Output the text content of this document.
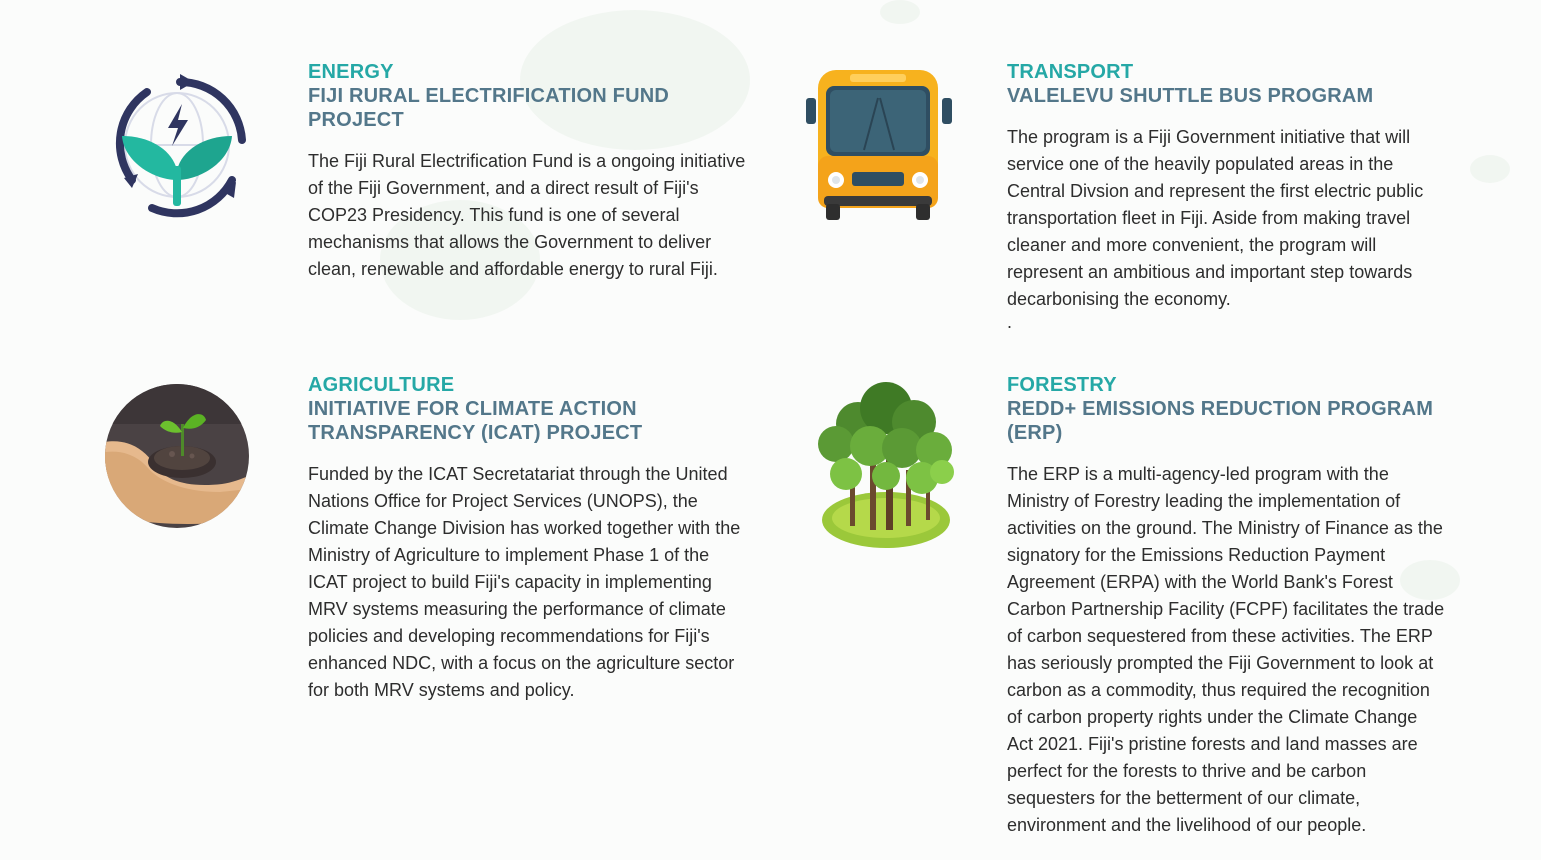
ENERGY
FIJI RURAL ELECTRIFICATION FUND PROJECT
The Fiji Rural Electrification Fund is a ongoing initiative of the Fiji Government, and a direct result of Fiji's COP23 Presidency. This fund is one of several mechanisms that allows the Government to deliver clean, renewable and affordable energy to rural Fiji.
TRANSPORT
VALELEVU SHUTTLE BUS PROGRAM
The program is a Fiji Government initiative that will service one of the heavily populated areas in the Central Divsion and represent the first electric public transportation fleet in Fiji. Aside from making travel cleaner and more convenient, the program will represent an ambitious and important step towards decarbonising the economy.
.
AGRICULTURE
INITIATIVE FOR CLIMATE ACTION TRANSPARENCY (ICAT) PROJECT
Funded by the ICAT Secretatariat through the United Nations Office for Project Services (UNOPS), the Climate Change Division has worked together with the Ministry of Agriculture to implement Phase 1 of the ICAT project to build Fiji's capacity in implementing MRV systems measuring the performance of climate policies and developing recommendations for Fiji's enhanced NDC, with a focus on the agriculture sector for both MRV systems and policy.
FORESTRY
REDD+ EMISSIONS REDUCTION PROGRAM (ERP)
The ERP is a multi-agency-led program with the Ministry of Forestry leading the implementation of activities on the ground. The Ministry of Finance as the signatory for the Emissions Reduction Payment Agreement (ERPA) with the World Bank's Forest Carbon Partnership Facility (FCPF) facilitates the trade of carbon sequestered from these activities. The ERP has seriously prompted the Fiji Government to look at carbon as a commodity, thus required the recognition of carbon property rights under the Climate Change Act 2021. Fiji's pristine forests and land masses are perfect for the forests to thrive and be carbon sequesters for the betterment of our climate, environment and the livelihood of our people.
